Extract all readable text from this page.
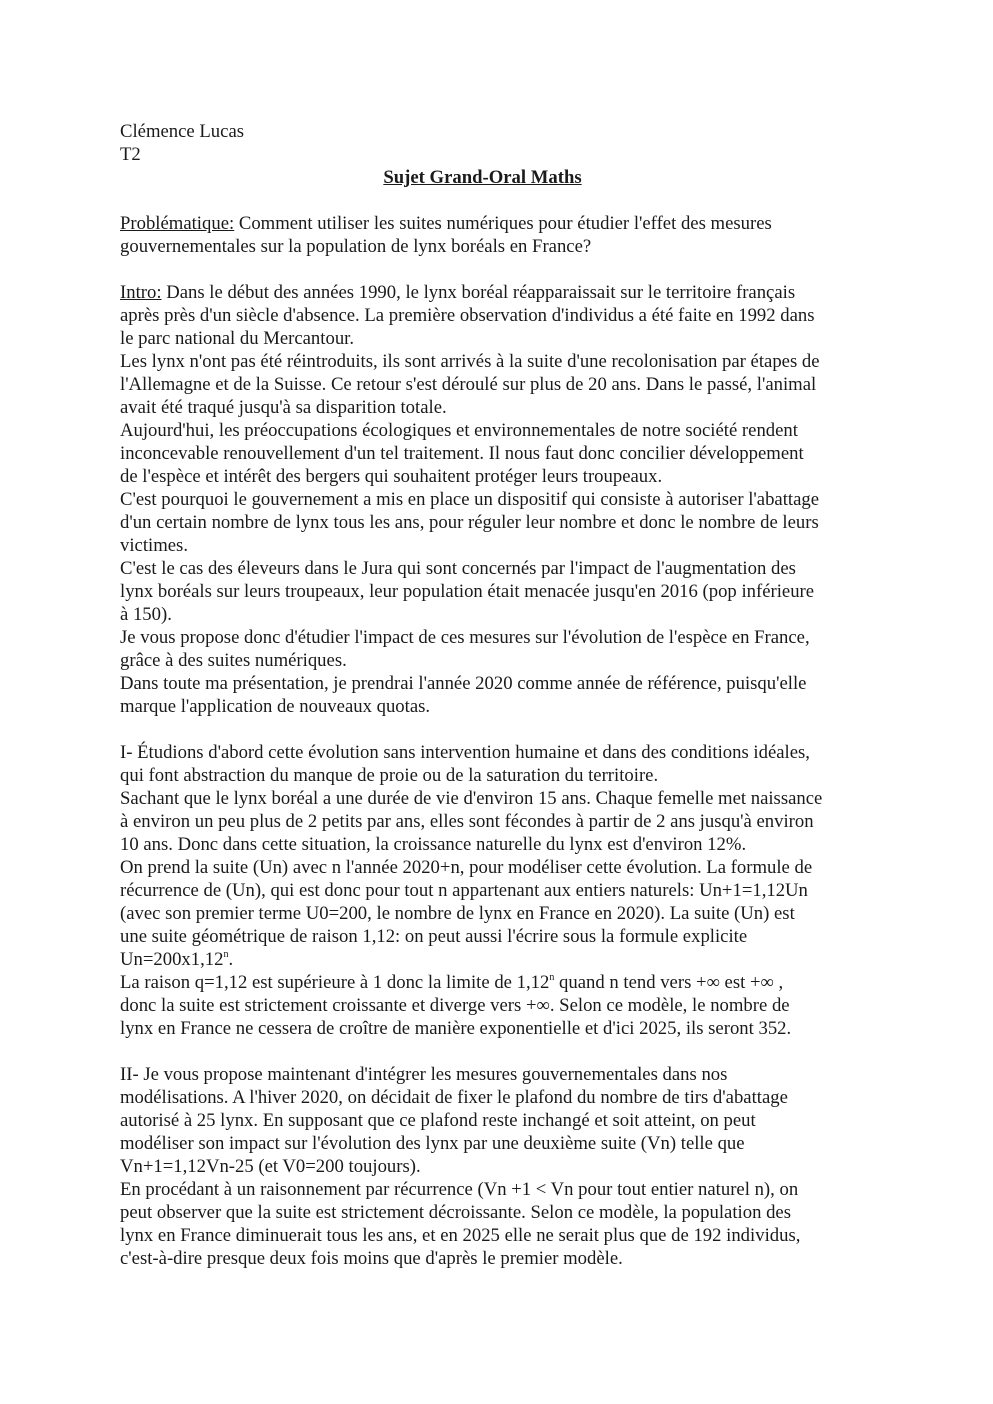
Clémence Lucas
T2
Sujet Grand-Oral Maths
Problématique: Comment utiliser les suites numériques pour étudier l'effet des mesures
gouvernementales sur la population de lynx boréals en France?
Intro: Dans le début des années 1990, le lynx boréal réapparaissait sur le territoire français
après près d'un siècle d'absence. La première observation d'individus a été faite en 1992 dans
le parc national du Mercantour.
Les lynx n'ont pas été réintroduits, ils sont arrivés à la suite d'une recolonisation par étapes de
l'Allemagne et de la Suisse. Ce retour s'est déroulé sur plus de 20 ans. Dans le passé, l'animal
avait été traqué jusqu'à sa disparition totale.
Aujourd'hui, les préoccupations écologiques et environnementales de notre société rendent
inconcevable renouvellement d'un tel traitement. Il nous faut donc concilier développement
de l'espèce et intérêt des bergers qui souhaitent protéger leurs troupeaux.
C'est pourquoi le gouvernement a mis en place un dispositif qui consiste à autoriser l'abattage
d'un certain nombre de lynx tous les ans, pour réguler leur nombre et donc le nombre de leurs
victimes.
C'est le cas des éleveurs dans le Jura qui sont concernés par l'impact de l'augmentation des
lynx boréals sur leurs troupeaux, leur population était menacée jusqu'en 2016 (pop inférieure
à 150).
Je vous propose donc d'étudier l'impact de ces mesures sur l'évolution de l'espèce en France,
grâce à des suites numériques.
Dans toute ma présentation, je prendrai l'année 2020 comme année de référence, puisqu'elle
marque l'application de nouveaux quotas.
I- Étudions d'abord cette évolution sans intervention humaine et dans des conditions idéales,
qui font abstraction du manque de proie ou de la saturation du territoire.
Sachant que le lynx boréal a une durée de vie d'environ 15 ans. Chaque femelle met naissance
à environ un peu plus de 2 petits par ans, elles sont fécondes à partir de 2 ans jusqu'à environ
10 ans. Donc dans cette situation, la croissance naturelle du lynx est d'environ 12%.
On prend la suite (Un) avec n l'année 2020+n, pour modéliser cette évolution. La formule de
récurrence de (Un), qui est donc pour tout n appartenant aux entiers naturels: Un+1=1,12Un
(avec son premier terme U0=200, le nombre de lynx en France en 2020). La suite (Un) est
une suite géométrique de raison 1,12: on peut aussi l'écrire sous la formule explicite
$Un=200x1,12^n$.
La raison q=1,12 est supérieure à 1 donc la limite de 1,12$^n$ quand n tend vers +∞ est +∞ ,
donc la suite est strictement croissante et diverge vers +∞. Selon ce modèle, le nombre de
lynx en France ne cessera de croître de manière exponentielle et d'ici 2025, ils seront 352.
II- Je vous propose maintenant d'intégrer les mesures gouvernementales dans nos
modélisations. A l'hiver 2020, on décidait de fixer le plafond du nombre de tirs d'abattage
autorisé à 25 lynx. En supposant que ce plafond reste inchangé et soit atteint, on peut
modéliser son impact sur l'évolution des lynx par une deuxième suite (Vn) telle que
Vn+1=1,12Vn-25 (et V0=200 toujours).
En procédant à un raisonnement par récurrence (Vn +1 < Vn pour tout entier naturel n), on
peut observer que la suite est strictement décroissante. Selon ce modèle, la population des
lynx en France diminuerait tous les ans, et en 2025 elle ne serait plus que de 192 individus,
c'est-à-dire presque deux fois moins que d'après le premier modèle.
